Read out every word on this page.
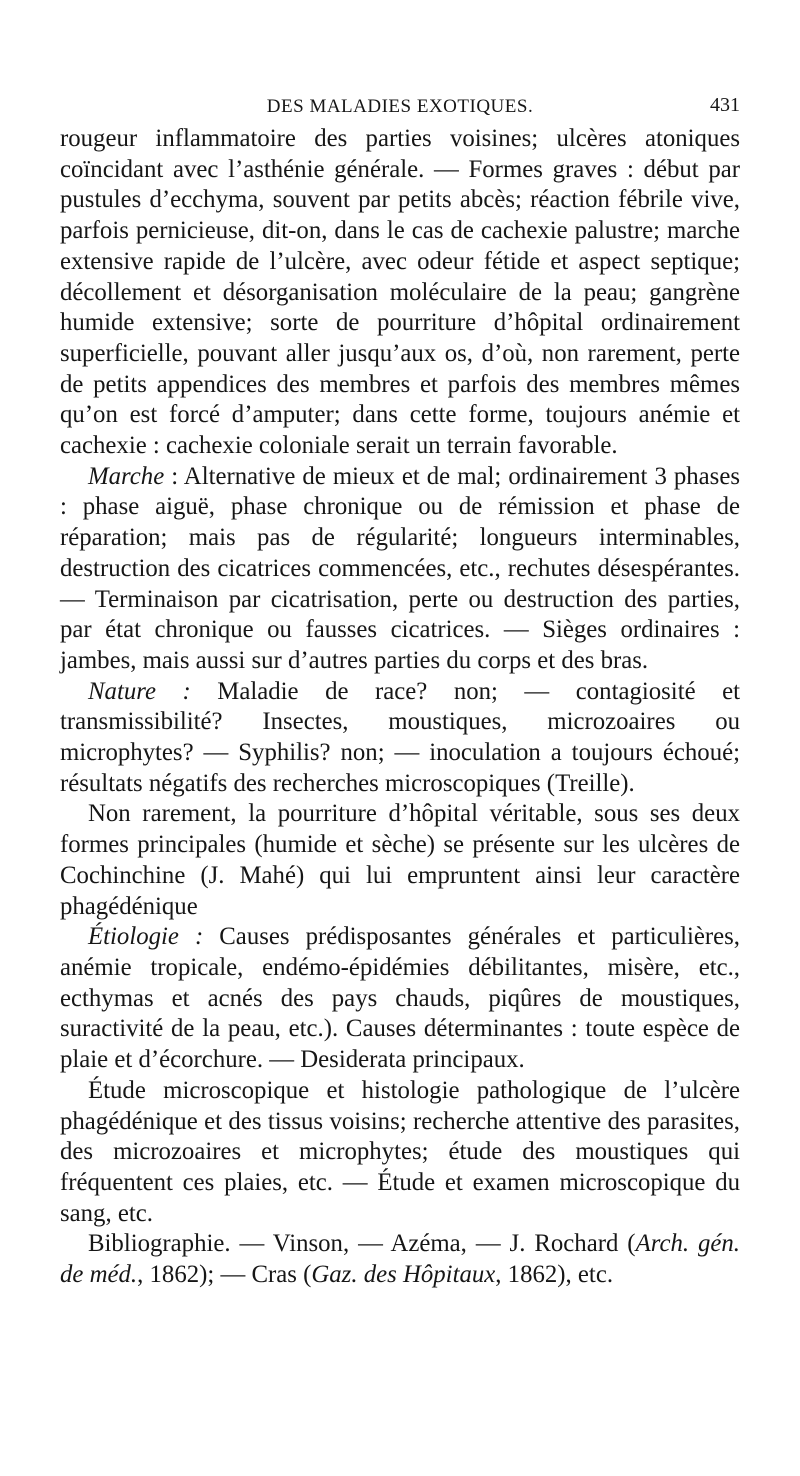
DES MALADIES EXOTIQUES.	431

rougeur inflammatoire des parties voisines; ulcères atoniques coïncidant avec l’asthénie générale. — Formes graves : début par pustules d’ecchyma, souvent par petits abcès; réaction fébrile vive, parfois pernicieuse, dit-on, dans le cas de cachexie palustre; marche extensive rapide de l’ulcère, avec odeur fétide et aspect septique; décollement et désorganisation moléculaire de la peau; gangrène humide extensive; sorte de pourriture d’hôpital ordinairement superficielle, pouvant aller jusqu’aux os, d’où, non rarement, perte de petits appendices des membres et parfois des membres mêmes qu’on est forcé d’amputer; dans cette forme, toujours anémie et cachexie : cachexie coloniale serait un terrain favorable.

Marche : Alternative de mieux et de mal; ordinairement 3 phases : phase aiguë, phase chronique ou de rémission et phase de réparation; mais pas de régularité; longueurs interminables, destruction des cicatrices commencées, etc., rechutes désespérantes. — Terminaison par cicatrisation, perte ou destruction des parties, par état chronique ou fausses cicatrices. — Sièges ordinaires : jambes, mais aussi sur d’autres parties du corps et des bras.

Nature : Maladie de race? non; — contagiosité et transmissibilité? Insectes, moustiques, microzoaires ou microphytes? — Syphilis? non; — inoculation a toujours échoué; résultats négatifs des recherches microscopiques (Treille).

Non rarement, la pourriture d’hôpital véritable, sous ses deux formes principales (humide et sèche) se présente sur les ulcères de Cochinchine (J. Mahé) qui lui empruntent ainsi leur caractère phagédénique

Étiologie : Causes prédisposantes générales et particulières, anémie tropicale, endémo-épidémies débilitantes, misère, etc., ecthymas et acnés des pays chauds, piqûres de moustiques, suractivité de la peau, etc.). Causes déterminantes : toute espèce de plaie et d’écorchure. — Desiderata principaux.

Étude microscopique et histologie pathologique de l’ulcère phagédénique et des tissus voisins; recherche attentive des parasites, des microzoaires et microphytes; étude des moustiques qui fréquentent ces plaies, etc. — Étude et examen microscopique du sang, etc.

Bibliographie. — Vinson, — Azéma, — J. Rochard (Arch. gén. de méd., 1862); — Cras (Gaz. des Hôpitaux, 1862), etc.
